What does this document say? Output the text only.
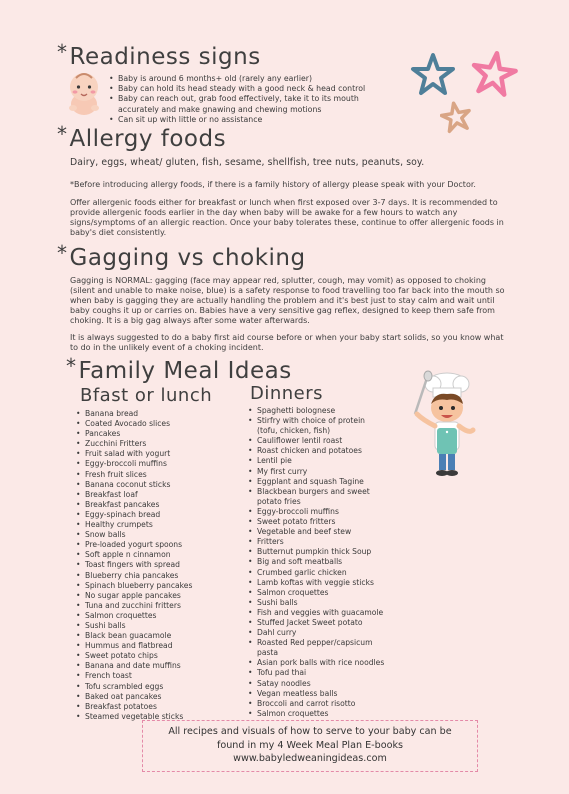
*Readiness signs
• Baby is around 6 months+ old (rarely any earlier)
• Baby can hold its head steady with a good neck & head control
• Baby can reach out, grab food effectively, take it to its mouth
accurately and make gnawing and chewing motions
• Can sit up with little or no assistance
*Allergy foods
Dairy, eggs, wheat/ gluten, fish, sesame, shellfish, tree nuts, peanuts, soy.
*Before introducing allergy foods, if there is a family history of allergy please speak with your Doctor.

Offer allergenic foods either for breakfast or lunch when first exposed over 3-7 days. It is recommended to

provide allergenic foods earlier in the day when baby will be awake for a few hours to watch any

signs/symptoms of an allergic reaction. Once your baby tolerates these, continue to offer allergenic foods in

baby's diet consistently.

*Gagging vs choking

Gagging is NORMAL: gagging (face may appear red, splutter, cough, may vomit) as opposed to choking

(silent and unable to make noise, blue) is a safety response to food travelling too far back into the mouth so

when baby is gagging they are actually handling the problem and it's best just to stay calm and wait until

baby coughs it up or carries on. Babies have a very sensitive gag reflex, designed to keep them safe from

choking. It is a big gag always after some water afterwards.

It is always suggested to do a baby first aid course before or when your baby start solids, so you know what

to do in the unlikely event of a choking incident.

*Family Meal Ideas
Bfast or lunch
• Banana bread
• Coated Avocado slices
• Pancakes
• Zucchini Fritters
• Fruit salad with yogurt
• Eggy-broccoli muffins
• Fresh fruit slices
• Banana coconut sticks
• Breakfast loaf
• Breakfast pancakes
• Eggy-spinach bread
• Healthy crumpets
• Snow balls
• Pre-loaded yogurt spoons
• Soft apple n cinnamon
• Toast fingers with spread
• Blueberry chia pancakes
• Spinach blueberry pancakes
• No sugar apple pancakes
• Tuna and zucchini fritters
• Salmon croquettes
• Sushi balls
• Black bean guacamole
• Hummus and flatbread
• Sweet potato chips
• Banana and date muffins
• French toast
• Tofu scrambled eggs
• Baked oat pancakes
• Breakfast potatoes
• Steamed vegetable sticks
Dinners
• Spaghetti bolognese
• Stirfry with choice of protein
(tofu, chicken, fish)
• Cauliflower lentil roast
• Roast chicken and potatoes
• Lentil pie
• My first curry
• Eggplant and squash Tagine
• Blackbean burgers and sweet
potato fries
• Eggy-broccoli muffins
• Sweet potato fritters
• Vegetable and beef stew
• Fritters
• Butternut pumpkin thick Soup
• Big and soft meatballs
• Crumbed garlic chicken
• Lamb koftas with veggie sticks
• Salmon croquettes
• Sushi balls
• Fish and veggies with guacamole
• Stuffed Jacket Sweet potato
• Dahl curry
• Roasted Red pepper/capsicum
pasta
• Asian pork balls with rice noodles
• Tofu pad thai
• Satay noodles
• Vegan meatless balls
• Broccoli and carrot risotto
• Salmon croquettes
All recipes and visuals of how to serve to your baby can be
found in my 4 Week Meal Plan E-books
www.babyledweaningideas.com
